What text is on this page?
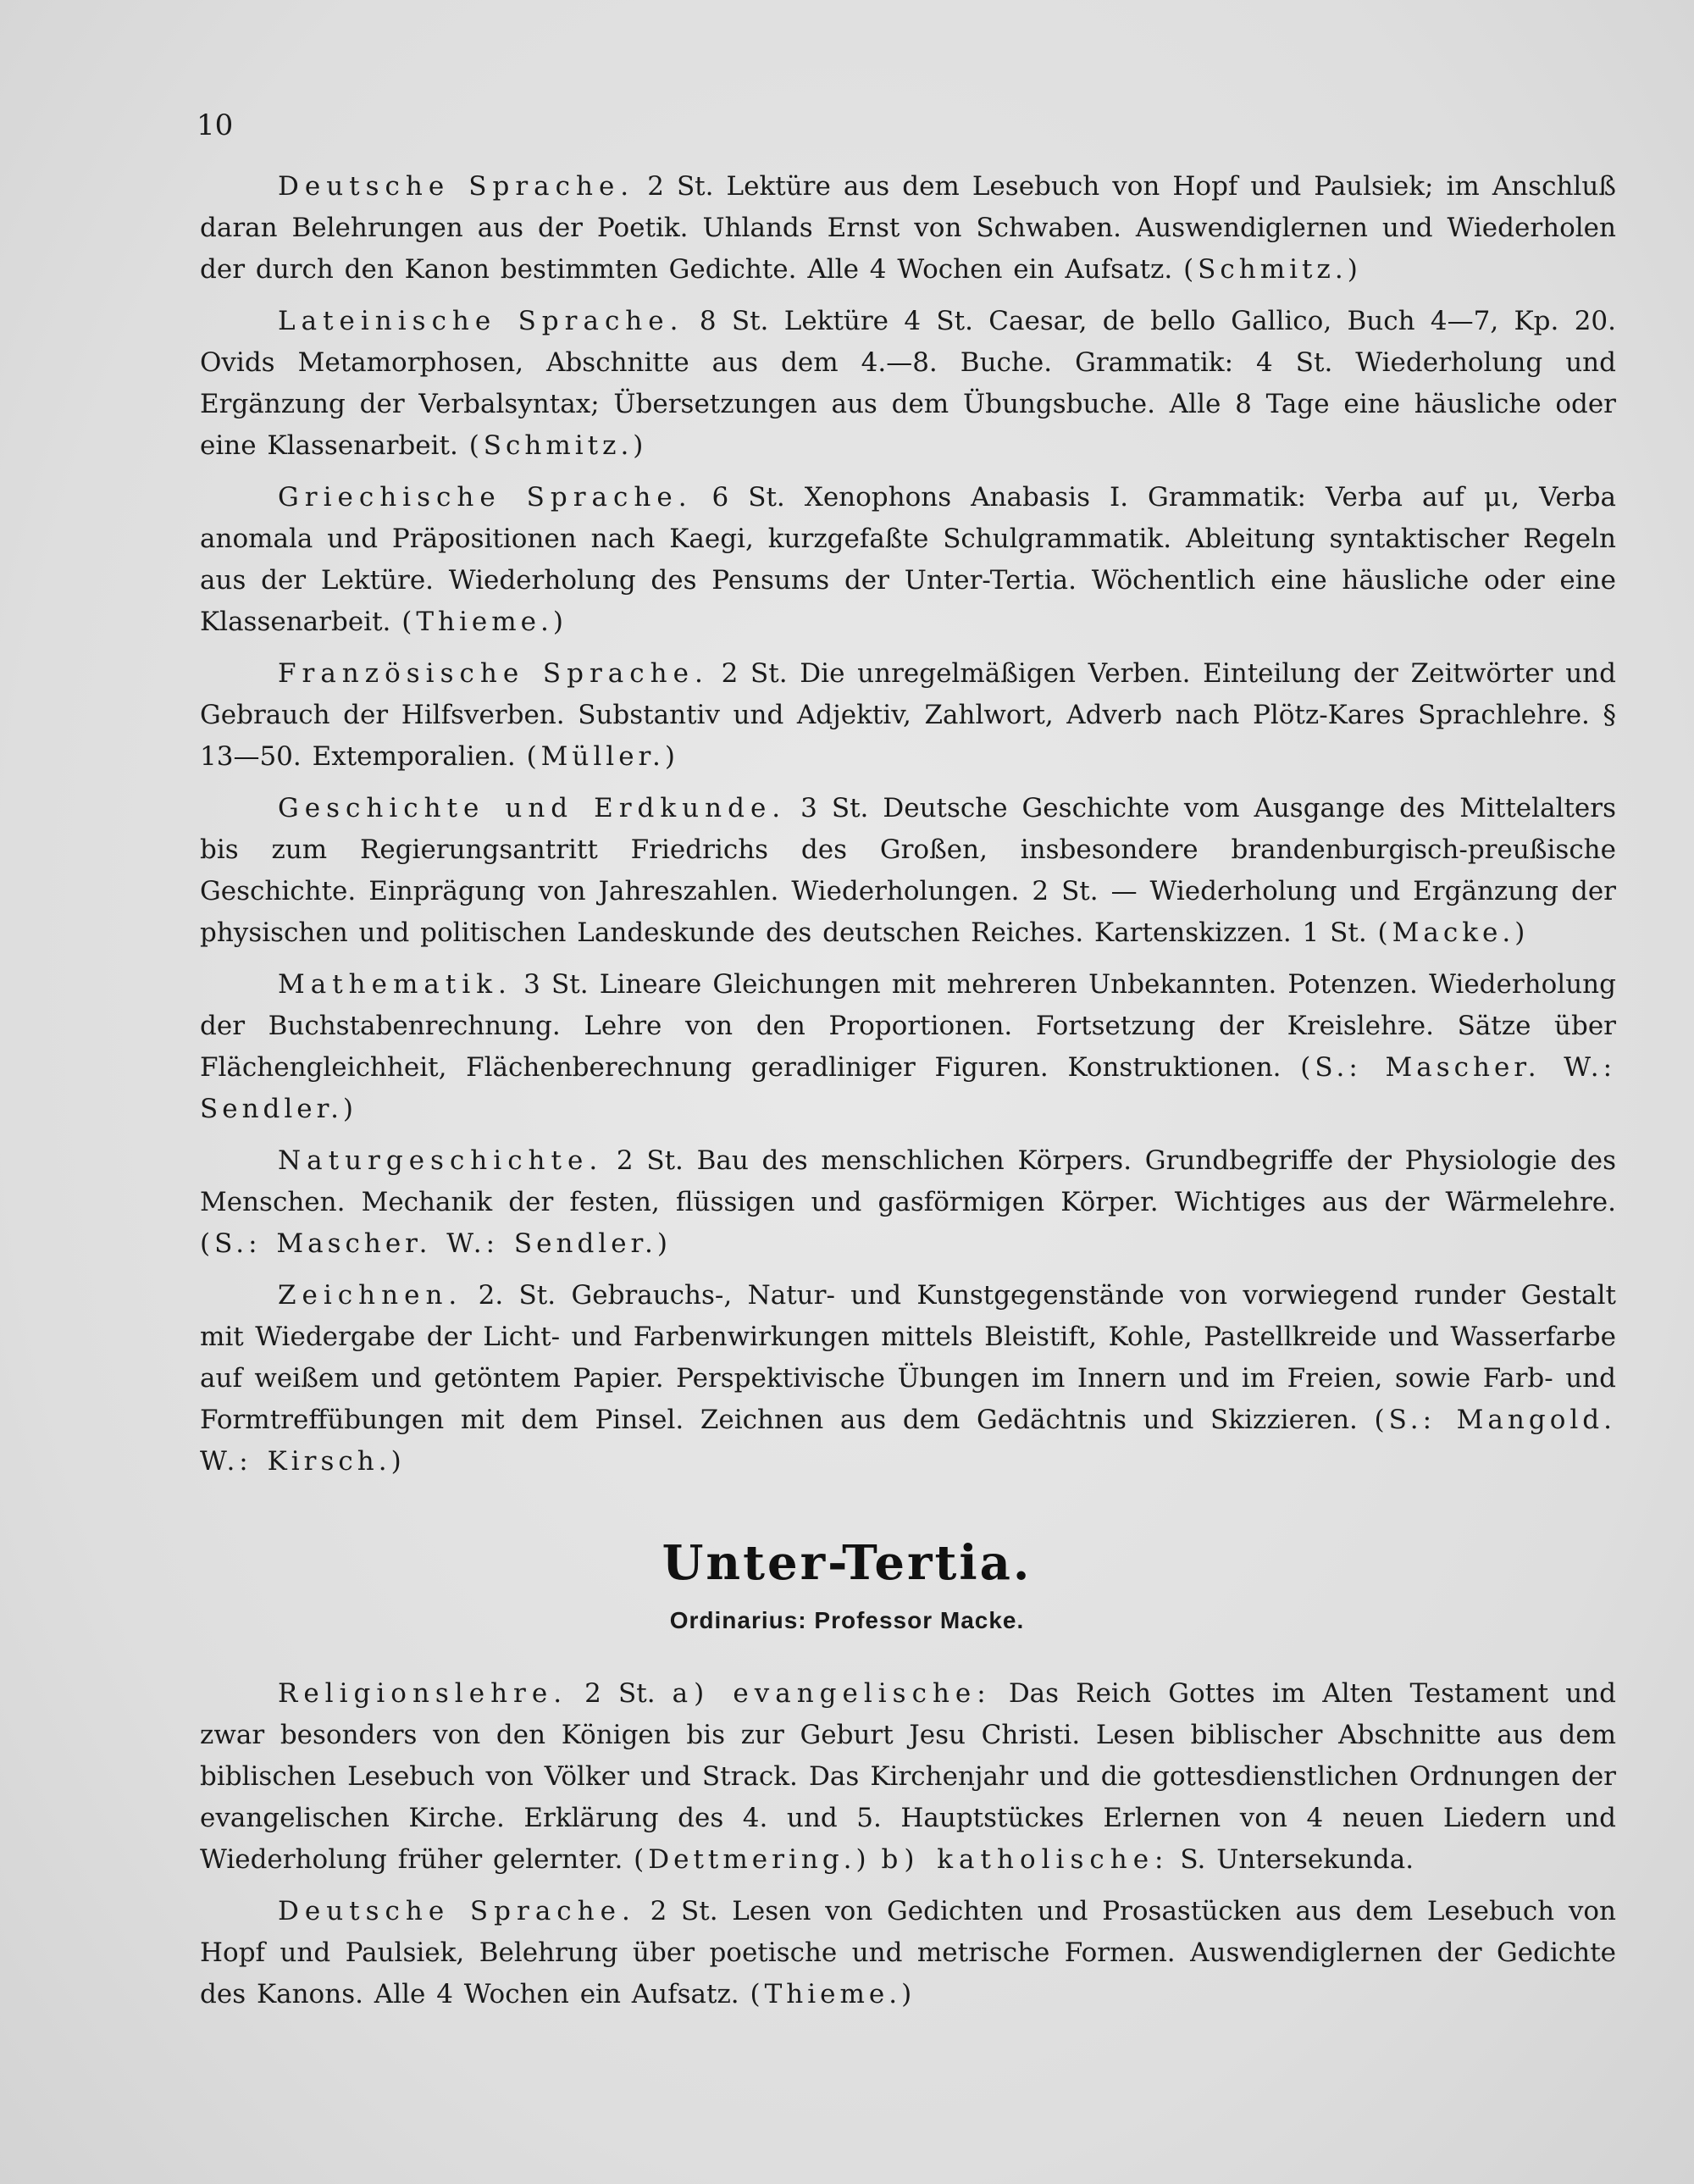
10

Deutsche Sprache. 2 St. Lektüre aus dem Lesebuch von Hopf und Paulsiek; im Anschluß daran Belehrungen aus der Poetik. Uhlands Ernst von Schwaben. Auswendiglernen und Wiederholen der durch den Kanon bestimmten Gedichte. Alle 4 Wochen ein Aufsatz. (Schmitz.)

Lateinische Sprache. 8 St. Lektüre 4 St. Caesar, de bello Gallico, Buch 4—7, Kp. 20. Ovids Metamorphosen, Abschnitte aus dem 4.—8. Buche. Grammatik: 4 St. Wiederholung und Ergänzung der Verbalsyntax; Übersetzungen aus dem Übungsbuche. Alle 8 Tage eine häusliche oder eine Klassenarbeit. (Schmitz.)

Griechische Sprache. 6 St. Xenophons Anabasis I. Grammatik: Verba auf μι, Verba anomala und Präpositionen nach Kaegi, kurzgefaßte Schulgrammatik. Ableitung syntaktischer Regeln aus der Lektüre. Wiederholung des Pensums der Unter-Tertia. Wöchentlich eine häusliche oder eine Klassenarbeit. (Thieme.)

Französische Sprache. 2 St. Die unregelmäßigen Verben. Einteilung der Zeitwörter und Gebrauch der Hilfsverben. Substantiv und Adjektiv, Zahlwort, Adverb nach Plötz-Kares Sprachlehre. § 13—50. Extemporalien. (Müller.)

Geschichte und Erdkunde. 3 St. Deutsche Geschichte vom Ausgange des Mittelalters bis zum Regierungsantritt Friedrichs des Großen, insbesondere brandenburgisch-preußische Geschichte. Einprägung von Jahreszahlen. Wiederholungen. 2 St. — Wiederholung und Ergänzung der physischen und politischen Landeskunde des deutschen Reiches. Kartenskizzen. 1 St. (Macke.)

Mathematik. 3 St. Lineare Gleichungen mit mehreren Unbekannten. Potenzen. Wiederholung der Buchstabenrechnung. Lehre von den Proportionen. Fortsetzung der Kreislehre. Sätze über Flächengleichheit, Flächenberechnung geradliniger Figuren. Konstruktionen. (S.: Mascher. W.: Sendler.)

Naturgeschichte. 2 St. Bau des menschlichen Körpers. Grundbegriffe der Physiologie des Menschen. Mechanik der festen, flüssigen und gasförmigen Körper. Wichtiges aus der Wärmelehre. (S.: Mascher. W.: Sendler.)

Zeichnen. 2. St. Gebrauchs-, Natur- und Kunstgegenstände von vorwiegend runder Gestalt mit Wiedergabe der Licht- und Farbenwirkungen mittels Bleistift, Kohle, Pastellkreide und Wasserfarbe auf weißem und getöntem Papier. Perspektivische Übungen im Innern und im Freien, sowie Farb- und Formtreffübungen mit dem Pinsel. Zeichnen aus dem Gedächtnis und Skizzieren. (S.: Mangold. W.: Kirsch.)

Unter-Tertia.
Ordinarius: Professor Macke.

Religionslehre. 2 St. a) evangelische: Das Reich Gottes im Alten Testament und zwar besonders von den Königen bis zur Geburt Jesu Christi. Lesen biblischer Abschnitte aus dem biblischen Lesebuch von Völker und Strack. Das Kirchenjahr und die gottesdienstlichen Ordnungen der evangelischen Kirche. Erklärung des 4. und 5. Hauptstückes Erlernen von 4 neuen Liedern und Wiederholung früher gelernter. (Dettmering.) b) katholische: S. Untersekunda.

Deutsche Sprache. 2 St. Lesen von Gedichten und Prosastücken aus dem Lesebuch von Hopf und Paulsiek, Belehrung über poetische und metrische Formen. Auswendiglernen der Gedichte des Kanons. Alle 4 Wochen ein Aufsatz. (Thieme.)
